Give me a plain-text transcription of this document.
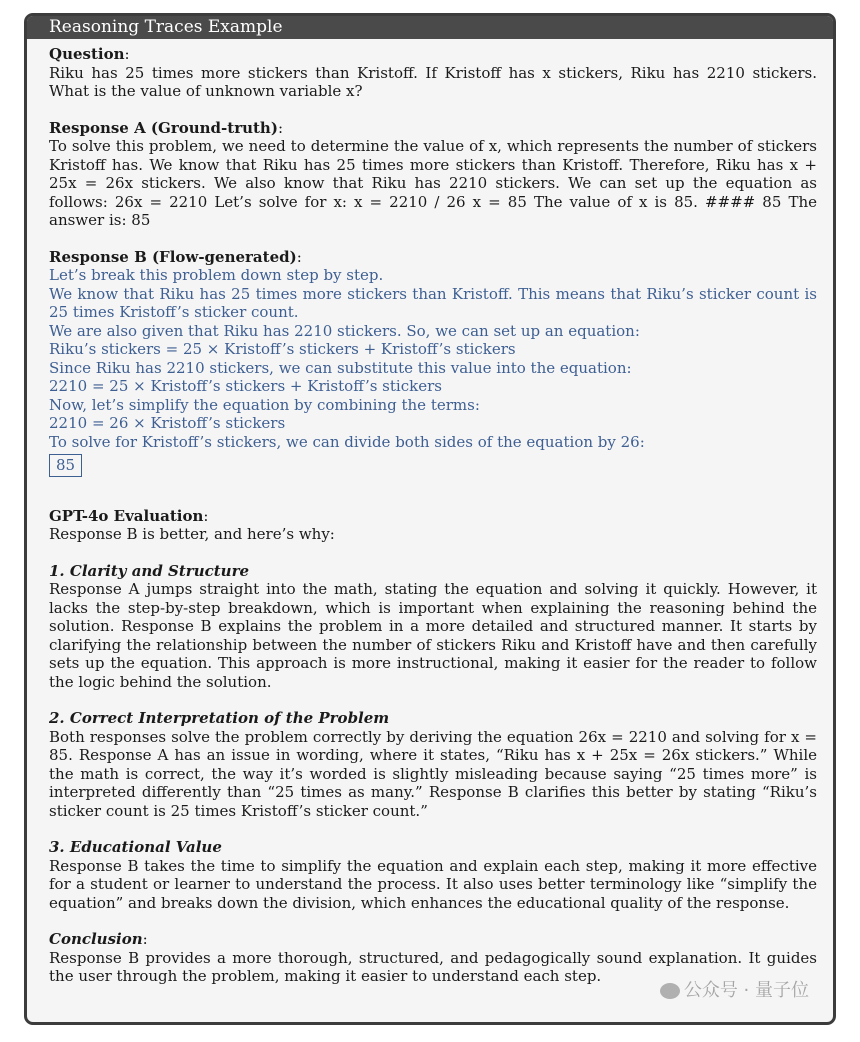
Reasoning Traces Example
Question:

Riku has 25 times more stickers than Kristoff. If Kristoff has x stickers, Riku has 2210 stickers. What is the value of unknown variable x?

Response A (Ground-truth):

To solve this problem, we need to determine the value of x, which represents the number of stickers Kristoff has. We know that Riku has 25 times more stickers than Kristoff. Therefore, Riku has x + 25x = 26x stickers. We also know that Riku has 2210 stickers. We can set up the equation as follows: 26x = 2210 Let’s solve for x: x = 2210 / 26 x = 85 The value of x is 85. #### 85 The answer is: 85

Response B (Flow-generated):

Let’s break this problem down step by step.

We know that Riku has 25 times more stickers than Kristoff. This means that Riku’s sticker count is 25 times Kristoff’s sticker count.

We are also given that Riku has 2210 stickers. So, we can set up an equation:

Riku’s stickers = 25 × Kristoff’s stickers + Kristoff’s stickers

Since Riku has 2210 stickers, we can substitute this value into the equation:

2210 = 25 × Kristoff’s stickers + Kristoff’s stickers

Now, let’s simplify the equation by combining the terms:

2210 = 26 × Kristoff’s stickers

To solve for Kristoff’s stickers, we can divide both sides of the equation by 26:

85
GPT-4o Evaluation:

Response B is better, and here’s why:

1. Clarity and Structure

Response A jumps straight into the math, stating the equation and solving it quickly. However, it lacks the step-by-step breakdown, which is important when explaining the reasoning behind the solution. Response B explains the problem in a more detailed and structured manner. It starts by clarifying the relationship between the number of stickers Riku and Kristoff have and then carefully sets up the equation. This approach is more instructional, making it easier for the reader to follow the logic behind the solution.

2. Correct Interpretation of the Problem

Both responses solve the problem correctly by deriving the equation 26x = 2210 and solving for x = 85. Response A has an issue in wording, where it states, “Riku has x + 25x = 26x stickers.” While the math is correct, the way it’s worded is slightly misleading because saying “25 times more” is interpreted differently than “25 times as many.” Response B clarifies this better by stating “Riku’s sticker count is 25 times Kristoff’s sticker count.”

3. Educational Value

Response B takes the time to simplify the equation and explain each step, making it more effective for a student or learner to understand the process. It also uses better terminology like “simplify the equation” and breaks down the division, which enhances the educational quality of the response.

Conclusion:

Response B provides a more thorough, structured, and pedagogically sound explanation. It guides the user through the problem, making it easier to understand each step.

公众号 · 量子位
